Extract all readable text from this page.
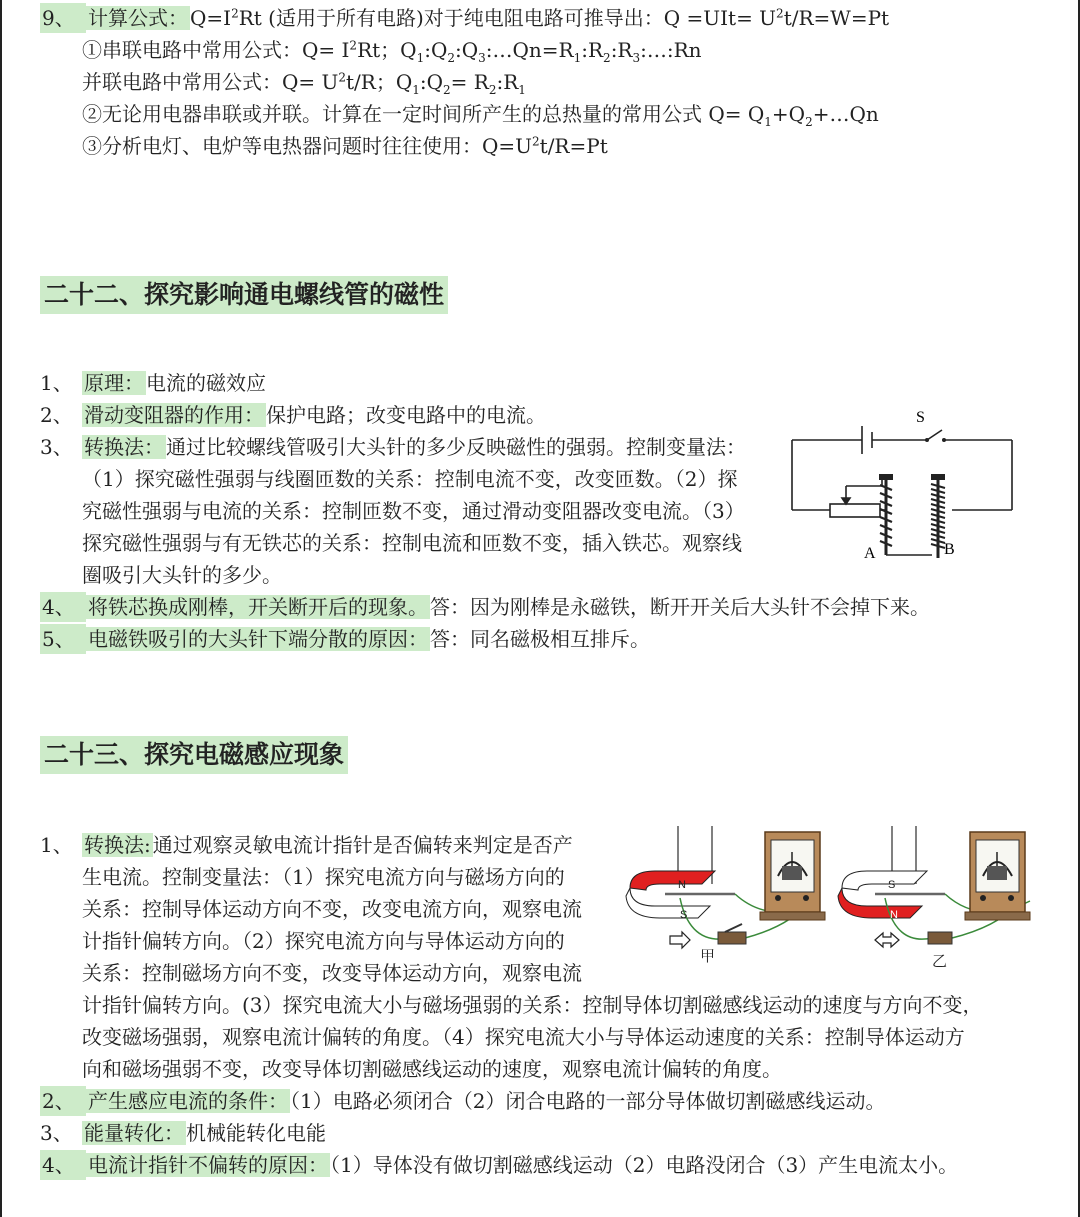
9、 计算公式： $Q=I^2Rt$ (适用于所有电路)对于纯电阻电路可推导出：$Q =UIt= U^2t/R=W=Pt$
①串联电路中常用公式：$Q= I^2Rt$；$Q_1:Q_2:Q_3:\dots Qn=R_1:R_2:R_3:\dots:Rn$
并联电路中常用公式：$Q= U^2t/R$；$Q_1:Q_2=$ $R_2:R_1$
②无论用电器串联或并联。计算在一定时间所产生的总热量的常用公式 $Q= Q_1+Q_2+\dots Qn$
③分析电灯、电炉等电热器问题时往往使用：$Q=U^2t/R=Pt$
二十二、探究影响通电螺线管的磁性
1、 原理： 电流的磁效应
2、 滑动变阻器的作用： 保护电路；改变电路中的电流。
3、 转换法： 通过比较螺线管吸引大头针的多少反映磁性的强弱。控制变量法：
（1）探究磁性强弱与线圈匝数的关系：控制电流不变，改变匝数。（2）探
究磁性强弱与电流的关系：控制匝数不变，通过滑动变阻器改变电流。（3）
探究磁性强弱与有无铁芯的关系：控制电流和匝数不变，插入铁芯。观察线
圈吸引大头针的多少。
4、 将铁芯换成刚棒，开关断开后的现象。 答：因为刚棒是永磁铁，断开开关后大头针不会掉下来。
5、 电磁铁吸引的大头针下端分散的原因： 答：同名磁极相互排斥。
S
A	B
二十三、探究电磁感应现象
1、 转换法: 通过观察灵敏电流计指针是否偏转来判定是否产
生电流。控制变量法：（1）探究电流方向与磁场方向的
关系：控制导体运动方向不变，改变电流方向，观察电流
计指针偏转方向。（2）探究电流方向与导体运动方向的
关系：控制磁场方向不变，改变导体运动方向，观察电流
计指针偏转方向。(3）探究电流大小与磁场强弱的关系：控制导体切割磁感线运动的速度与方向不变，
改变磁场强弱，观察电流计偏转的角度。（4）探究电流大小与导体运动速度的关系：控制导体运动方
向和磁场强弱不变，改变导体切割磁感线运动的速度，观察电流计偏转的角度。
2、 产生感应电流的条件： （1）电路必须闭合（2）闭合电路的一部分导体做切割磁感线运动。
3、 能量转化： 机械能转化电能
4、 电流计指针不偏转的原因： （1）导体没有做切割磁感线运动（2）电路没闭合（3）产生电流太小。
甲
N
S
乙
S
N
